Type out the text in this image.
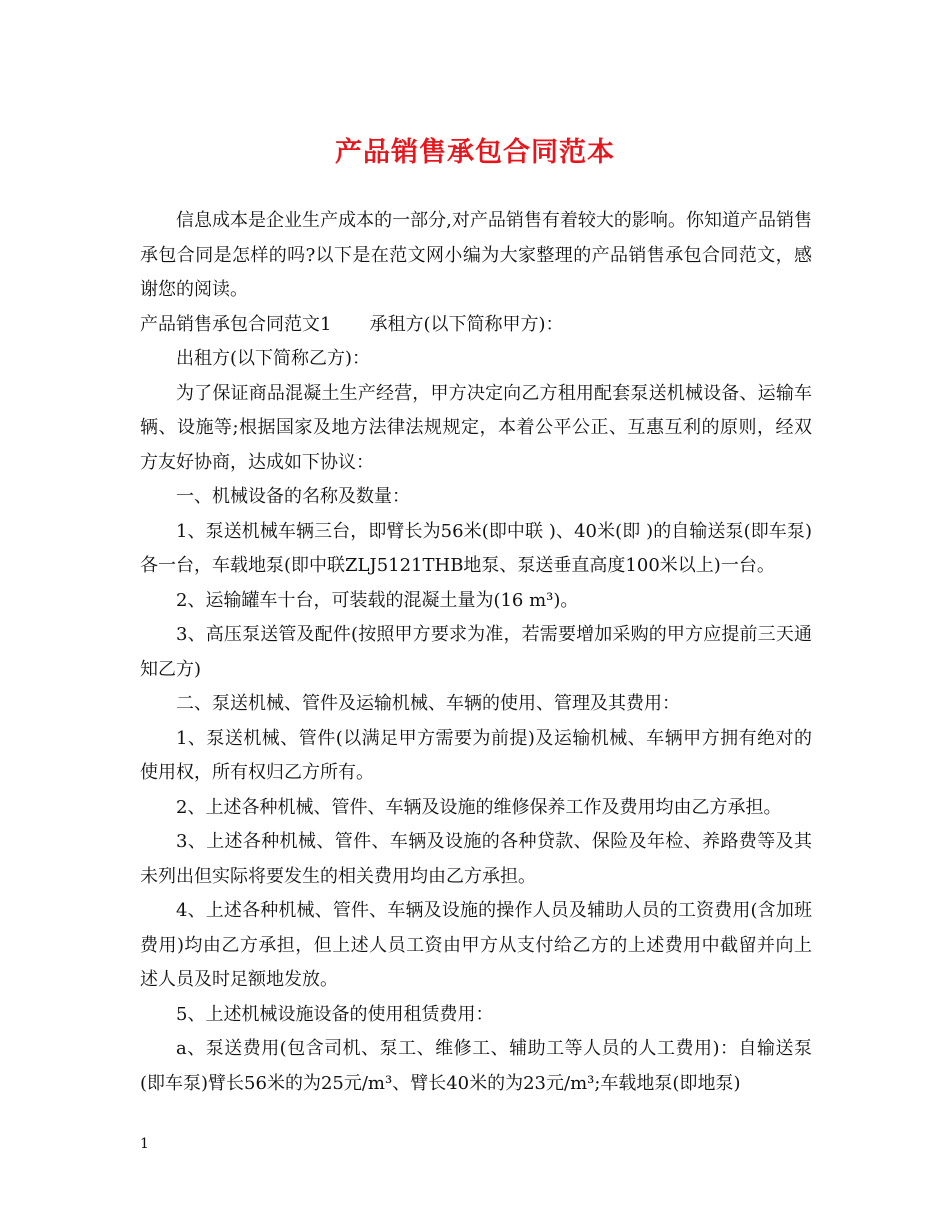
产品销售承包合同范本

信息成本是企业生产成本的一部分,对产品销售有着较大的影响。你知道产品销售承包合同是怎样的吗?以下是在范文网小编为大家整理的产品销售承包合同范文，感谢您的阅读。

产品销售承包合同范文1 承租方(以下简称甲方)：

出租方(以下简称乙方)：

为了保证商品混凝土生产经营，甲方决定向乙方租用配套泵送机械设备、运输车辆、设施等;根据国家及地方法律法规规定，本着公平公正、互惠互利的原则，经双方友好协商，达成如下协议：

一、机械设备的名称及数量：

1、泵送机械车辆三台，即臂长为56米(即中联 )、40米(即 )的自输送泵(即车泵)各一台，车载地泵(即中联ZLJ5121THB地泵、泵送垂直高度100米以上)一台。

2、运输罐车十台，可装载的混凝土量为(16 m³)。

3、高压泵送管及配件(按照甲方要求为准，若需要增加采购的甲方应提前三天通知乙方)

二、泵送机械、管件及运输机械、车辆的使用、管理及其费用：

1、泵送机械、管件(以满足甲方需要为前提)及运输机械、车辆甲方拥有绝对的使用权，所有权归乙方所有。

2、上述各种机械、管件、车辆及设施的维修保养工作及费用均由乙方承担。

3、上述各种机械、管件、车辆及设施的各种贷款、保险及年检、养路费等及其未列出但实际将要发生的相关费用均由乙方承担。

4、上述各种机械、管件、车辆及设施的操作人员及辅助人员的工资费用(含加班费用)均由乙方承担，但上述人员工资由甲方从支付给乙方的上述费用中截留并向上述人员及时足额地发放。

5、上述机械设施设备的使用租赁费用：

a、泵送费用(包含司机、泵工、维修工、辅助工等人员的人工费用)：自输送泵(即车泵)臂长56米的为25元/m³、臂长40米的为23元/m³;车载地泵(即地泵)

1
